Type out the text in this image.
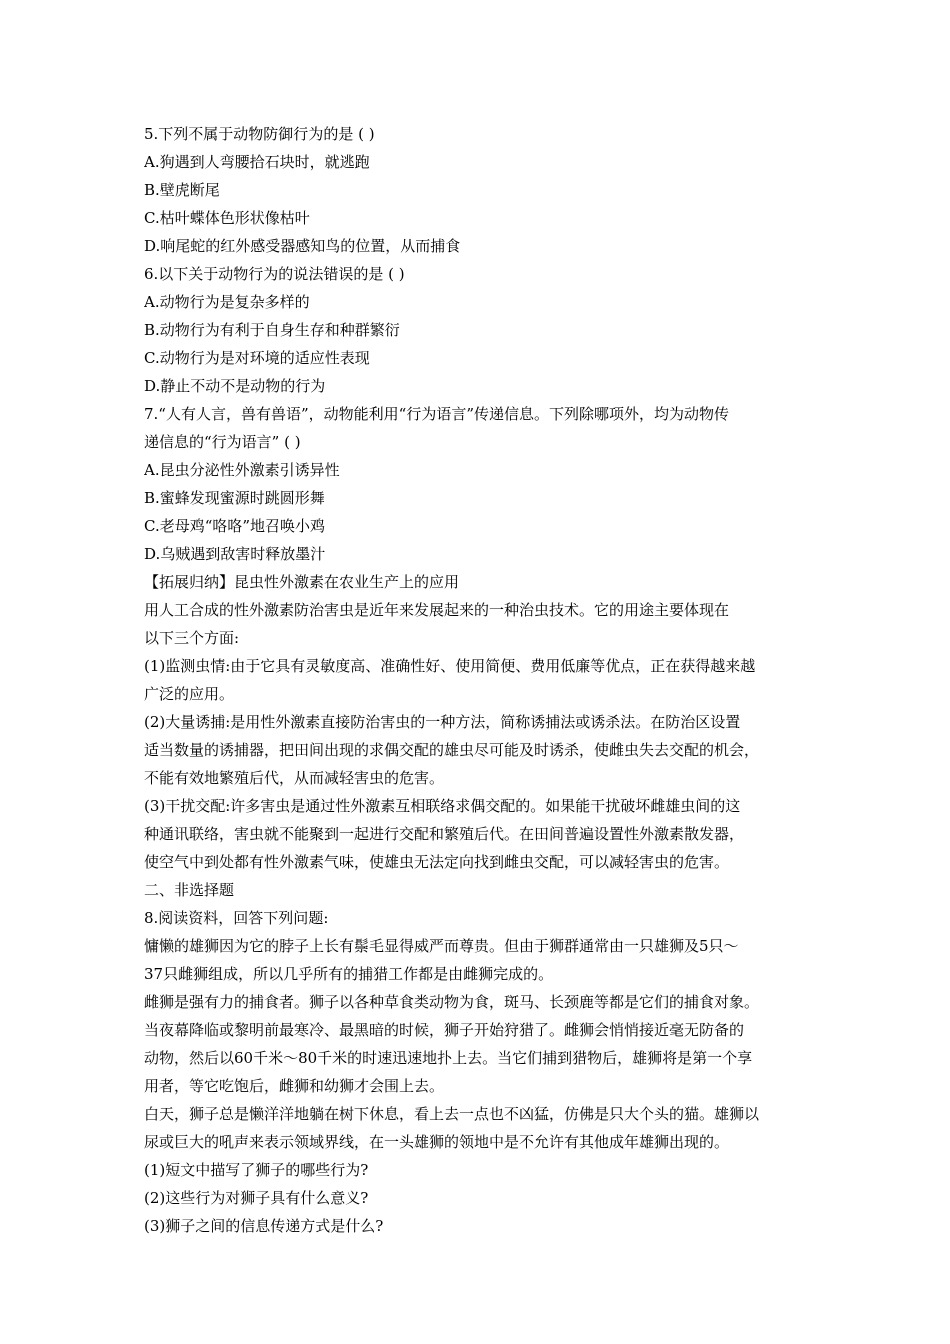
5.下列不属于动物防御行为的是 ( )
A.狗遇到人弯腰拾石块时，就逃跑
B.壁虎断尾
C.枯叶蝶体色形状像枯叶
D.响尾蛇的红外感受器感知鸟的位置，从而捕食
6.以下关于动物行为的说法错误的是 ( )
A.动物行为是复杂多样的
B.动物行为有利于自身生存和种群繁衍
C.动物行为是对环境的适应性表现
D.静止不动不是动物的行为
7.“人有人言，兽有兽语”，动物能利用“行为语言”传递信息。下列除哪项外，均为动物传
递信息的“行为语言” ( )
A.昆虫分泌性外激素引诱异性
B.蜜蜂发现蜜源时跳圆形舞
C.老母鸡“咯咯”地召唤小鸡
D.乌贼遇到敌害时释放墨汁
【拓展归纳】昆虫性外激素在农业生产上的应用
用人工合成的性外激素防治害虫是近年来发展起来的一种治虫技术。它的用途主要体现在
以下三个方面:
(1)监测虫情:由于它具有灵敏度高、准确性好、使用简便、费用低廉等优点，正在获得越来越
广泛的应用。
(2)大量诱捕:是用性外激素直接防治害虫的一种方法，简称诱捕法或诱杀法。在防治区设置
适当数量的诱捕器，把田间出现的求偶交配的雄虫尽可能及时诱杀，使雌虫失去交配的机会，
不能有效地繁殖后代，从而减轻害虫的危害。
(3)干扰交配:许多害虫是通过性外激素互相联络求偶交配的。如果能干扰破坏雌雄虫间的这
种通讯联络，害虫就不能聚到一起进行交配和繁殖后代。在田间普遍设置性外激素散发器，
使空气中到处都有性外激素气味，使雄虫无法定向找到雌虫交配，可以减轻害虫的危害。
二、非选择题
8.阅读资料，回答下列问题:
慵懒的雄狮因为它的脖子上长有鬃毛显得威严而尊贵。但由于狮群通常由一只雄狮及5只～
37只雌狮组成，所以几乎所有的捕猎工作都是由雌狮完成的。
雌狮是强有力的捕食者。狮子以各种草食类动物为食，斑马、长颈鹿等都是它们的捕食对象。
当夜幕降临或黎明前最寒冷、最黑暗的时候，狮子开始狩猎了。雌狮会悄悄接近毫无防备的
动物，然后以60千米～80千米的时速迅速地扑上去。当它们捕到猎物后，雄狮将是第一个享
用者，等它吃饱后，雌狮和幼狮才会围上去。
白天，狮子总是懒洋洋地躺在树下休息，看上去一点也不凶猛，仿佛是只大个头的猫。雄狮以
尿或巨大的吼声来表示领域界线，在一头雄狮的领地中是不允许有其他成年雄狮出现的。
(1)短文中描写了狮子的哪些行为?
(2)这些行为对狮子具有什么意义?
(3)狮子之间的信息传递方式是什么?
